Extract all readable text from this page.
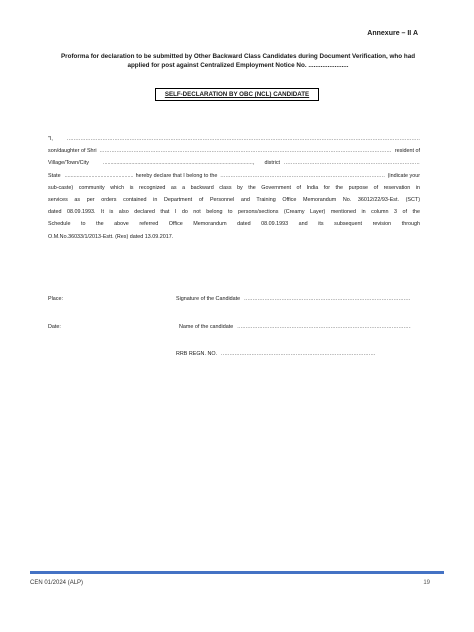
Annexure – II A
Proforma for declaration to be submitted by Other Backward Class Candidates during Document Verification, who had
applied for post against Centralized Employment Notice No. .......................
SELF-DECLARATION BY OBC (NCL) CANDIDATE
"I,
.....
son/daughter of Shri .....	resident of
Village/Town/City .....	, district
.....
State .....	hereby declare that I belong to the .....	(indicate your
sub-caste) community which is recognized as a backward class by the Government of India for the purpose of reservation in
services as per orders contained in Department of Personnel and Training Office Memorandum No. 36012/22/93-Est. (SCT)
dated 08.09.1993. It is also declared that I do not belong to persons/sections (Creamy Layer) mentioned in column 3 of the
Schedule to the above referred Office Memorandum dated 08.09.1993 and its subsequent revision through
O.M.No.36033/1/2013-Estt. (Res) dated 13.09.2017.
Place:	Signature of the Candidate
.....
Date:	Name of the candidate
.....
RRB REGN. NO.
.....
CEN 01/2024 (ALP)	19
